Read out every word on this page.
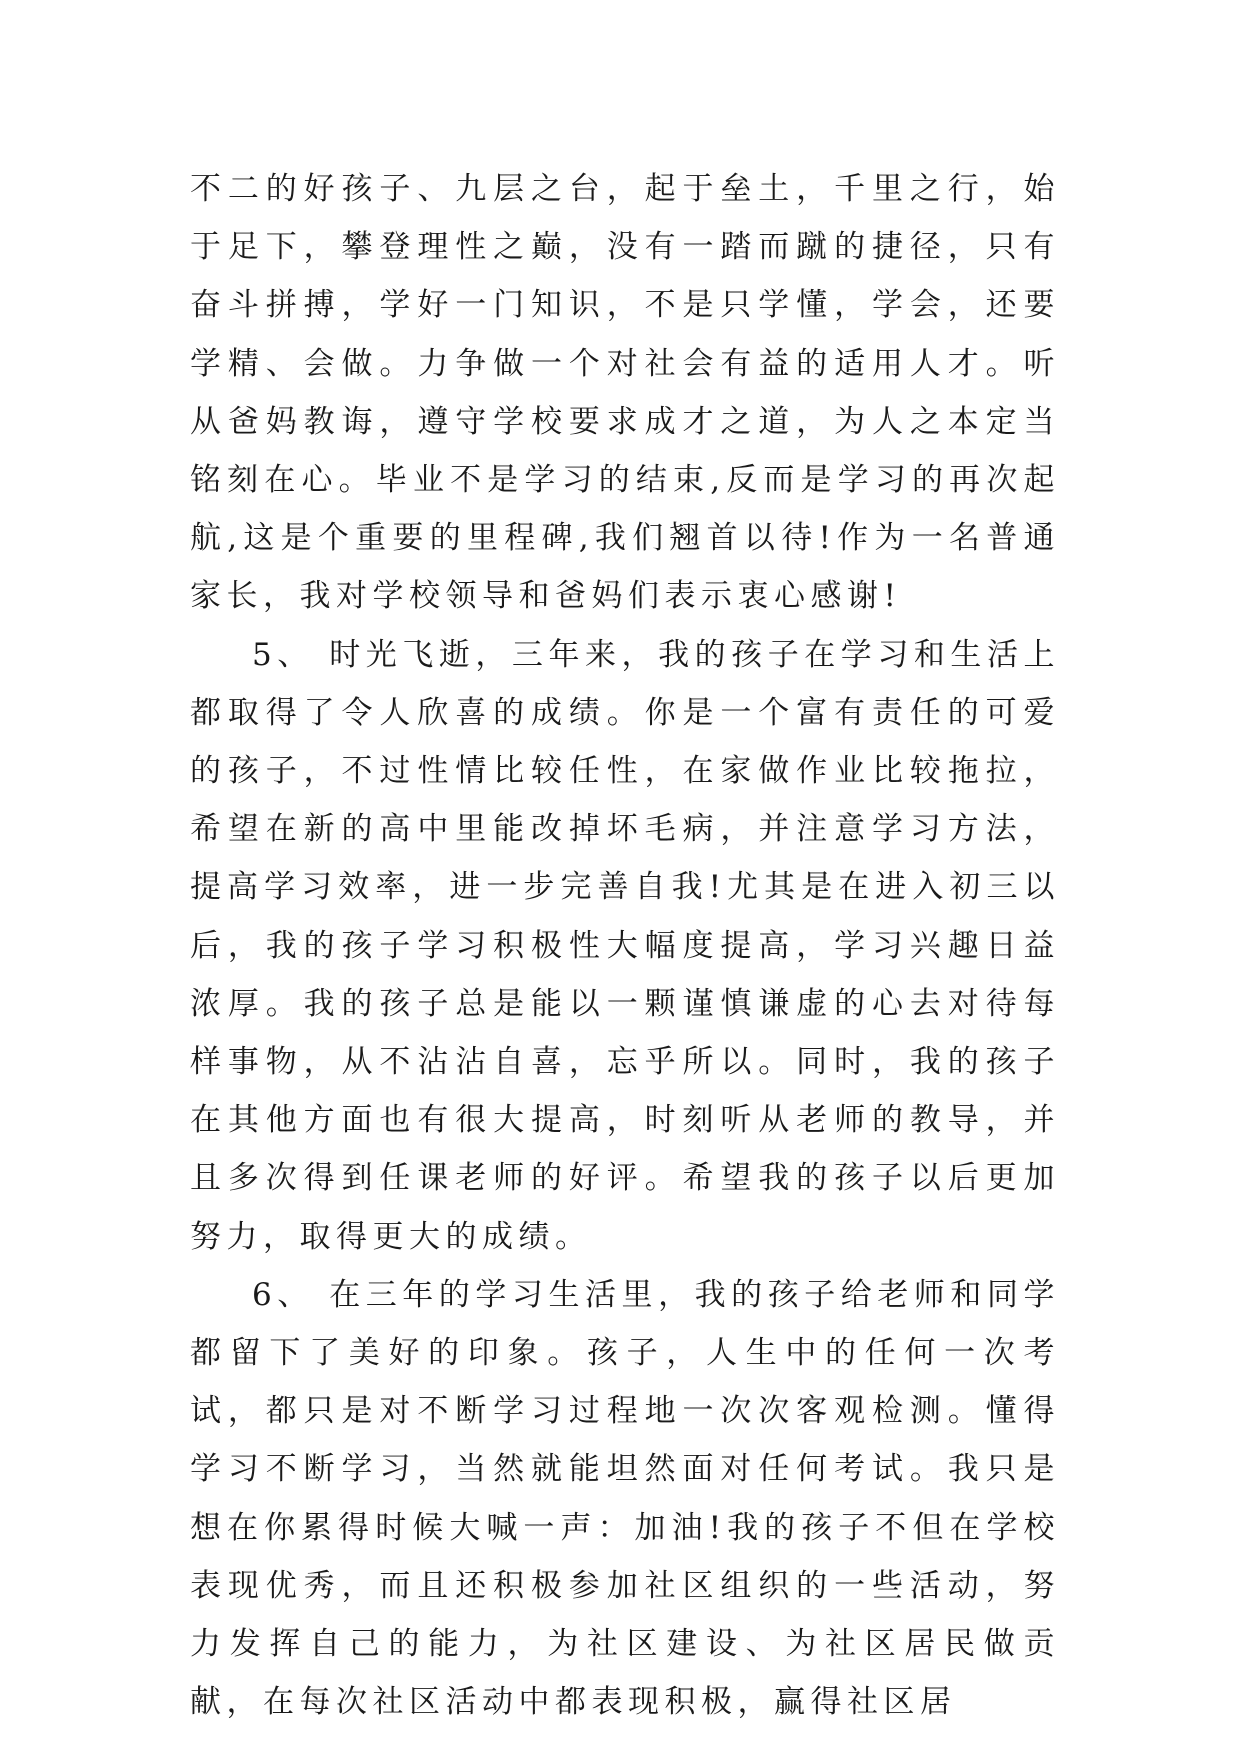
不二的好孩子、九层之台，起于垒土，千里之行，始于足下，攀登理性之巅，没有一踏而蹴的捷径，只有奋斗拼搏，学好一门知识，不是只学懂，学会，还要学精、会做。力争做一个对社会有益的适用人才。听从爸妈教诲，遵守学校要求成才之道，为人之本定当铭刻在心。毕业不是学习的结束,反而是学习的再次起航,这是个重要的里程碑,我们翘首以待!作为一名普通家长，我对学校领导和爸妈们表示衷心感谢!

5、 时光飞逝，三年来，我的孩子在学习和生活上都取得了令人欣喜的成绩。你是一个富有责任的可爱的孩子，不过性情比较任性，在家做作业比较拖拉，希望在新的高中里能改掉坏毛病，并注意学习方法，提高学习效率，进一步完善自我!尤其是在进入初三以后，我的孩子学习积极性大幅度提高，学习兴趣日益浓厚。我的孩子总是能以一颗谨慎谦虚的心去对待每样事物，从不沾沾自喜，忘乎所以。同时，我的孩子在其他方面也有很大提高，时刻听从老师的教导，并且多次得到任课老师的好评。希望我的孩子以后更加努力，取得更大的成绩。

6、 在三年的学习生活里，我的孩子给老师和同学都留下了美好的印象。孩子，人生中的任何一次考试，都只是对不断学习过程地一次次客观检测。懂得学习不断学习，当然就能坦然面对任何考试。我只是想在你累得时候大喊一声：加油!我的孩子不但在学校表现优秀，而且还积极参加社区组织的一些活动，努力发挥自己的能力，为社区建设、为社区居民做贡献，在每次社区活动中都表现积极，赢得社区居
